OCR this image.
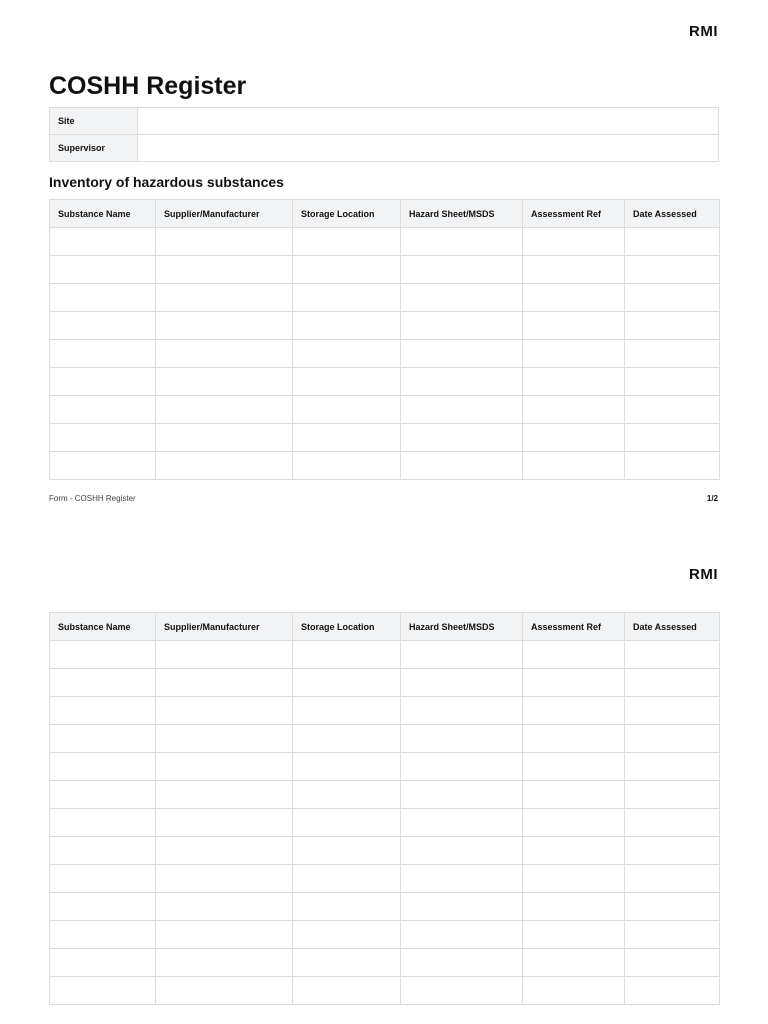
RMI
COSHH Register
Site	
Supervisor	
Inventory of hazardous substances
Substance Name	Supplier/Manufacturer	Storage Location	Hazard Sheet/MSDS	Assessment Ref	Date Assessed

Form - COSHH Register	1/2
RMI
Substance Name	Supplier/Manufacturer	Storage Location	Hazard Sheet/MSDS	Assessment Ref	Date Assessed
